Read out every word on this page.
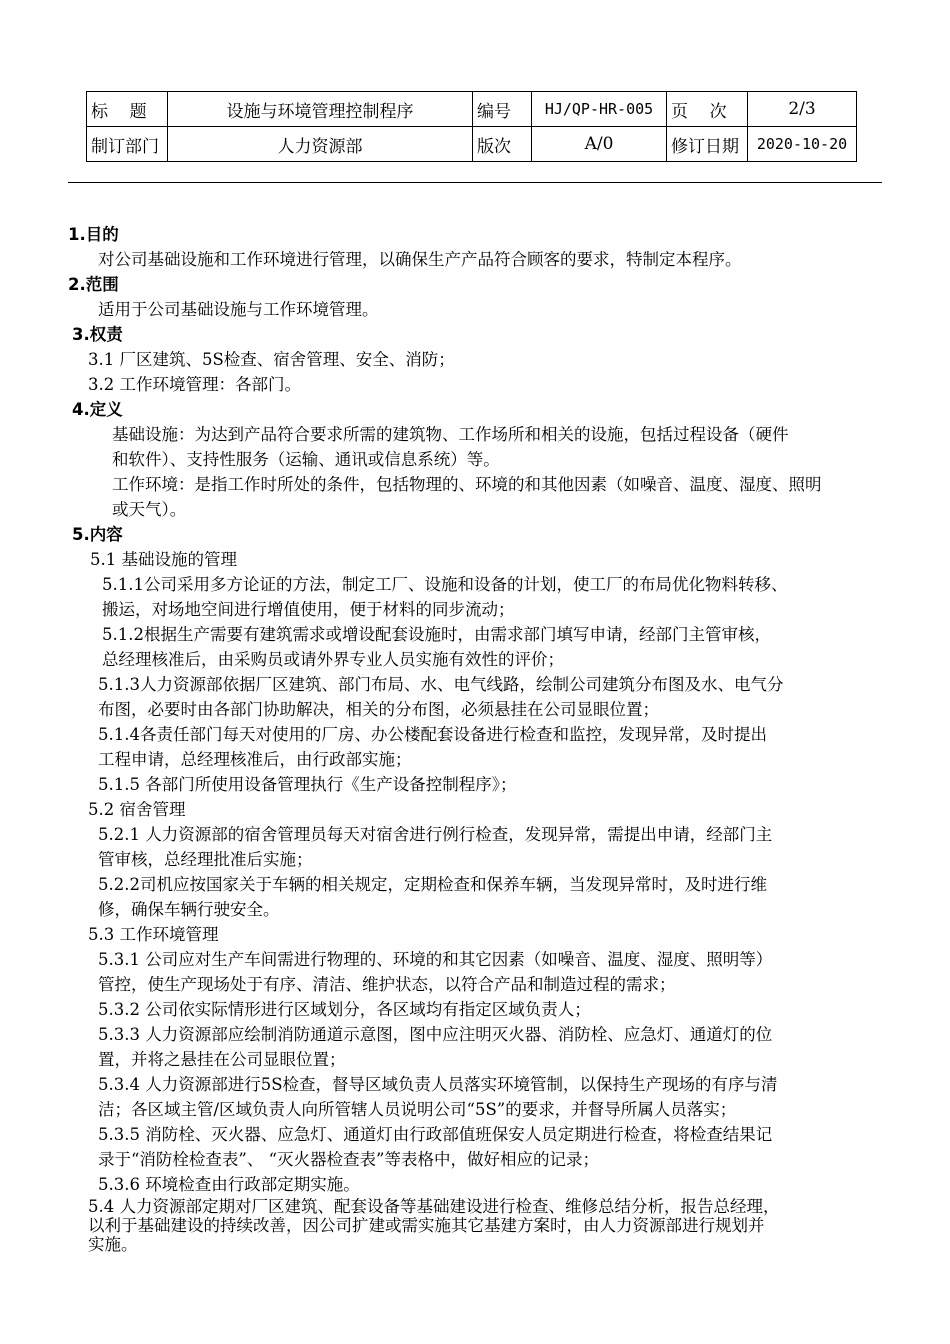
标    题	设施与环境管理控制程序	编号	HJ/QP-HR-005	页    次	2/3
制订部门	人力资源部	版次	A/0	修订日期	2020-10-20

1.目的

对公司基础设施和工作环境进行管理，以确保生产产品符合顾客的要求，特制定本程序。

2.范围

适用于公司基础设施与工作环境管理。

3.权责

3.1 厂区建筑、5S检查、宿舍管理、安全、消防；

3.2 工作环境管理：各部门。

4.定义

基础设施：为达到产品符合要求所需的建筑物、工作场所和相关的设施，包括过程设备（硬件

和软件）、支持性服务（运输、通讯或信息系统）等。

工作环境：是指工作时所处的条件，包括物理的、环境的和其他因素（如噪音、温度、湿度、照明

或天气）。

5.内容

5.1 基础设施的管理

5.1.1公司采用多方论证的方法，制定工厂、设施和设备的计划，使工厂的布局优化物料转移、

搬运，对场地空间进行增值使用，便于材料的同步流动；

5.1.2根据生产需要有建筑需求或增设配套设施时，由需求部门填写申请，经部门主管审核，

总经理核准后，由采购员或请外界专业人员实施有效性的评价；

5.1.3人力资源部依据厂区建筑、部门布局、水、电气线路，绘制公司建筑分布图及水、电气分

布图，必要时由各部门协助解决，相关的分布图，必须悬挂在公司显眼位置；

5.1.4各责任部门每天对使用的厂房、办公楼配套设备进行检查和监控，发现异常，及时提出

工程申请，总经理核准后，由行政部实施；

5.1.5 各部门所使用设备管理执行《生产设备控制程序》；

5.2 宿舍管理

5.2.1 人力资源部的宿舍管理员每天对宿舍进行例行检查，发现异常，需提出申请，经部门主

管审核，总经理批准后实施；

5.2.2司机应按国家关于车辆的相关规定，定期检查和保养车辆，当发现异常时，及时进行维

修，确保车辆行驶安全。

5.3 工作环境管理

5.3.1 公司应对生产车间需进行物理的、环境的和其它因素（如噪音、温度、湿度、照明等）

管控，使生产现场处于有序、清洁、维护状态，以符合产品和制造过程的需求；

5.3.2 公司依实际情形进行区域划分，各区域均有指定区域负责人；

5.3.3 人力资源部应绘制消防通道示意图，图中应注明灭火器、消防栓、应急灯、通道灯的位

置，并将之悬挂在公司显眼位置；

5.3.4 人力资源部进行5S检查，督导区域负责人员落实环境管制，以保持生产现场的有序与清

洁；各区域主管/区域负责人向所管辖人员说明公司“5S”的要求，并督导所属人员落实；

5.3.5 消防栓、灭火器、应急灯、通道灯由行政部值班保安人员定期进行检查，将检查结果记

录于“消防栓检查表”、 “灭火器检查表”等表格中，做好相应的记录；

5.3.6 环境检查由行政部定期实施。

5.4 人力资源部定期对厂区建筑、配套设备等基础建设进行检查、维修总结分析，报告总经理，

以利于基础建设的持续改善，因公司扩建或需实施其它基建方案时，由人力资源部进行规划并

实施。
